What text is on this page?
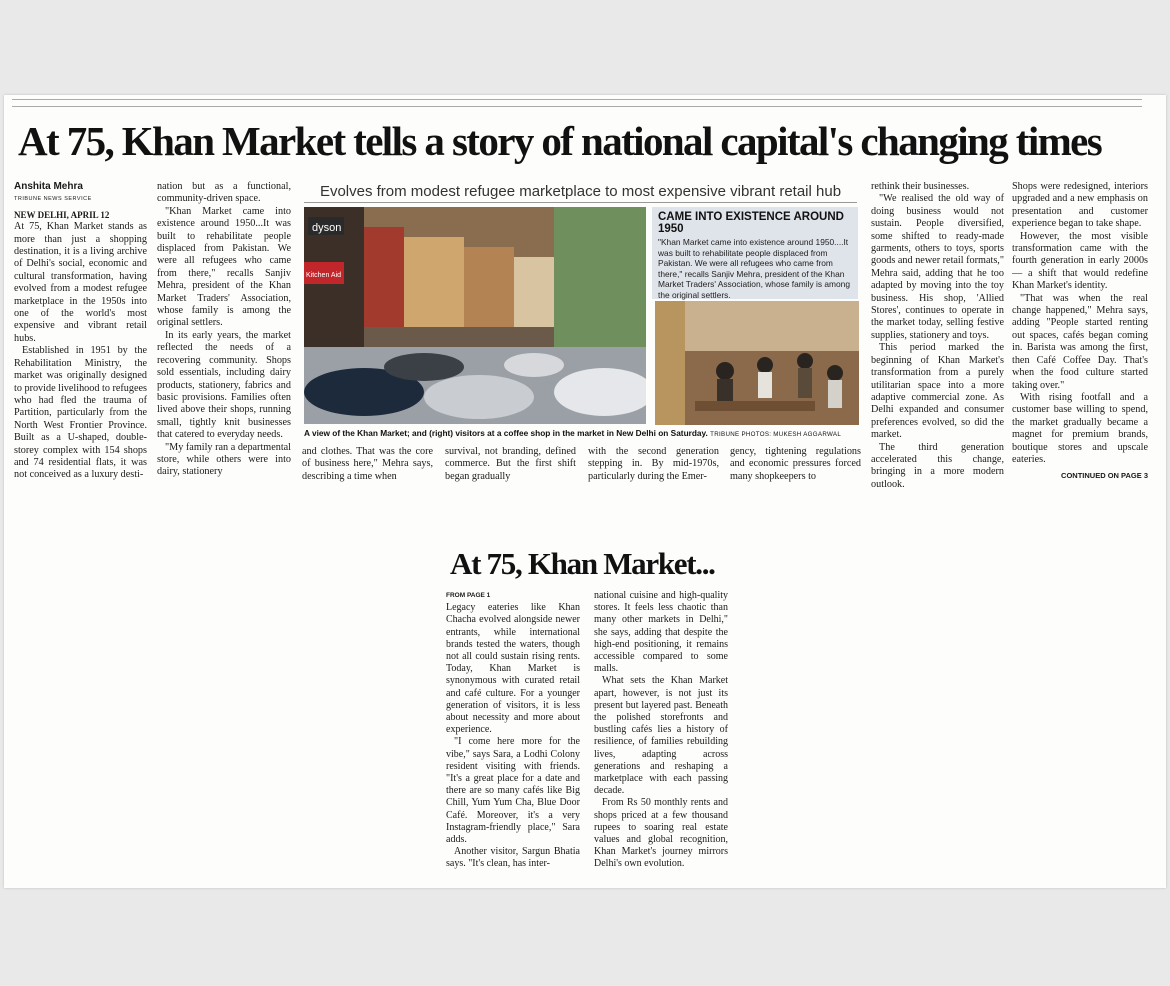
At 75, Khan Market tells a story of national capital's changing times
Anshita Mehra
TRIBUNE NEWS SERVICE
NEW DELHI, APRIL 12

At 75, Khan Market stands as more than just a shopping destination, it is a living archive of Delhi's social, economic and cultural transformation, having evolved from a modest refugee marketplace in the 1950s into one of the world's most expensive and vibrant retail hubs.

Established in 1951 by the Rehabilitation Ministry, the market was originally designed to provide livelihood to refugees who had fled the trauma of Partition, particularly from the North West Frontier Province. Built as a U-shaped, double-storey complex with 154 shops and 74 residential flats, it was not conceived as a luxury desti-

nation but as a functional, community-driven space.

"Khan Market came into existence around 1950...It was built to rehabilitate people displaced from Pakistan. We were all refugees who came from there," recalls Sanjiv Mehra, president of the Khan Market Traders' Association, whose family is among the original settlers.

In its early years, the market reflected the needs of a recovering community. Shops sold essentials, including dairy products, stationery, fabrics and basic provisions. Families often lived above their shops, running small, tightly knit businesses that catered to everyday needs.

"My family ran a departmental store, while others were into dairy, stationery

Evolves from modest refugee marketplace to most expensive vibrant retail hub
dyson
Kitchen Aid
CAME INTO EXISTENCE AROUND 1950
"Khan Market came into existence around 1950....It was built to rehabilitate people displaced from Pakistan. We were all refugees who came from there," recalls Sanjiv Mehra, president of the Khan Market Traders' Association, whose family is among the original settlers.
A view of the Khan Market; and (right) visitors at a coffee shop in the market in New Delhi on Saturday. TRIBUNE PHOTOS: MUKESH AGGARWAL

and clothes. That was the core of business here," Mehra says, describing a time when

survival, not branding, defined commerce. But the first shift began gradually

with the second generation stepping in. By mid-1970s, particularly during the Emer-

gency, tightening regulations and economic pressures forced many shopkeepers to

rethink their businesses.

"We realised the old way of doing business would not sustain. People diversified, some shifted to ready-made garments, others to toys, sports goods and newer retail formats," Mehra said, adding that he too adapted by moving into the toy business. His shop, 'Allied Stores', continues to operate in the market today, selling festive supplies, stationery and toys.

This period marked the beginning of Khan Market's transformation from a purely utilitarian space into a more adaptive commercial zone. As Delhi expanded and consumer preferences evolved, so did the market.

The third generation accelerated this change, bringing in a more modern outlook.

Shops were redesigned, interiors upgraded and a new emphasis on presentation and customer experience began to take shape.

However, the most visible transformation came with the fourth generation in early 2000s — a shift that would redefine Khan Market's identity.

"That was when the real change happened," Mehra says, adding "People started renting out spaces, cafés began coming in. Barista was among the first, then Café Coffee Day. That's when the food culture started taking over."

With rising footfall and a customer base willing to spend, the market gradually became a magnet for premium brands, boutique stores and upscale eateries.

CONTINUED ON PAGE 3
At 75, Khan Market...
FROM PAGE 1

Legacy eateries like Khan Chacha evolved alongside newer entrants, while international brands tested the waters, though not all could sustain rising rents. Today, Khan Market is synonymous with curated retail and café culture. For a younger generation of visitors, it is less about necessity and more about experience.

"I come here more for the vibe," says Sara, a Lodhi Colony resident visiting with friends. "It's a great place for a date and there are so many cafés like Big Chill, Yum Yum Cha, Blue Door Café. Moreover, it's a very Instagram-friendly place," Sara adds.

Another visitor, Sargun Bhatia says. "It's clean, has inter-

national cuisine and high-quality stores. It feels less chaotic than many other markets in Delhi," she says, adding that despite the high-end positioning, it remains accessible compared to some malls.

What sets the Khan Market apart, however, is not just its present but layered past. Beneath the polished storefronts and bustling cafés lies a history of resilience, of families rebuilding lives, adapting across generations and reshaping a marketplace with each passing decade.

From Rs 50 monthly rents and shops priced at a few thousand rupees to soaring real estate values and global recognition, Khan Market's journey mirrors Delhi's own evolution.
